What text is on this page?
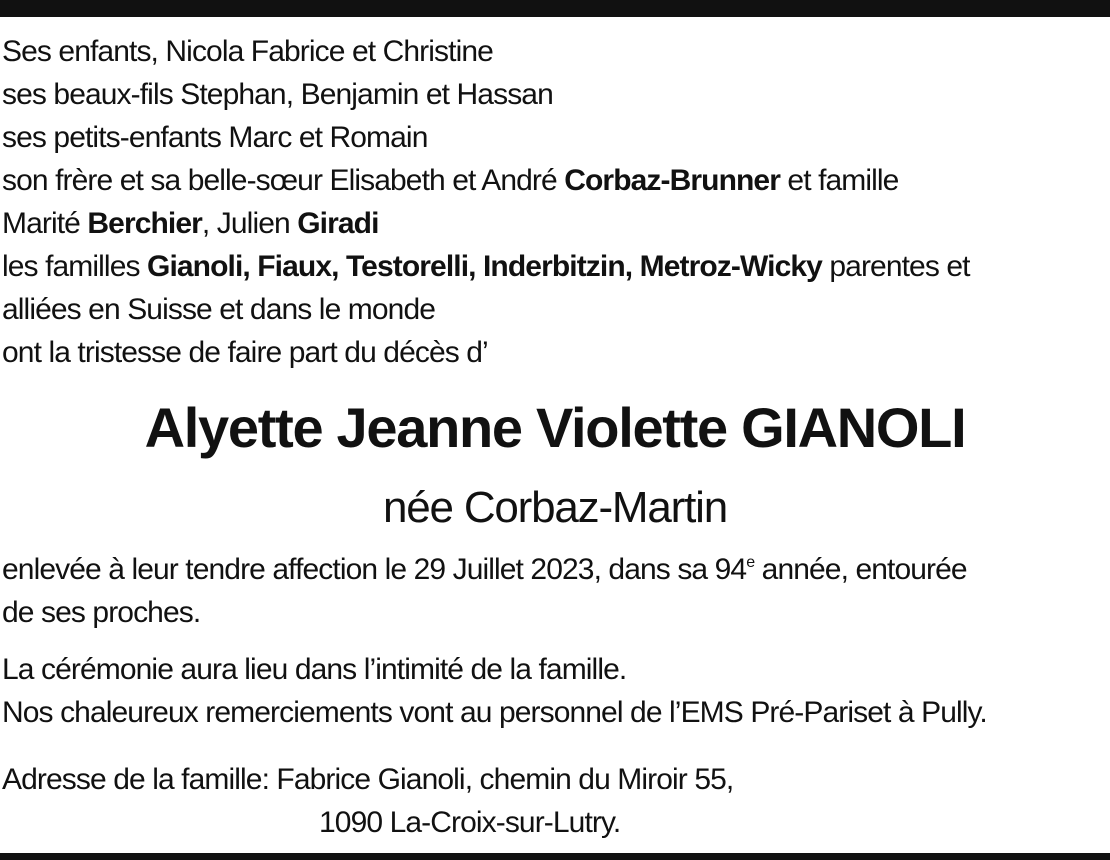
Ses enfants, Nicola Fabrice et Christine
ses beaux-fils Stephan, Benjamin et Hassan
ses petits-enfants Marc et Romain
son frère et sa belle-sœur Elisabeth et André Corbaz-Brunner et famille
Marité Berchier, Julien Giradi
les familles Gianoli, Fiaux, Testorelli, Inderbitzin, Metroz-Wicky parentes et
alliées en Suisse et dans le monde
ont la tristesse de faire part du décès d’
Alyette Jeanne Violette GIANOLI
née Corbaz-Martin
enlevée à leur tendre affection le 29 Juillet 2023, dans sa 94e année, entourée
de ses proches.
La cérémonie aura lieu dans l’intimité de la famille.
Nos chaleureux remerciements vont au personnel de l’EMS Pré-Pariset à Pully.
Adresse de la famille: Fabrice Gianoli, chemin du Miroir 55,
1090 La-Croix-sur-Lutry.
